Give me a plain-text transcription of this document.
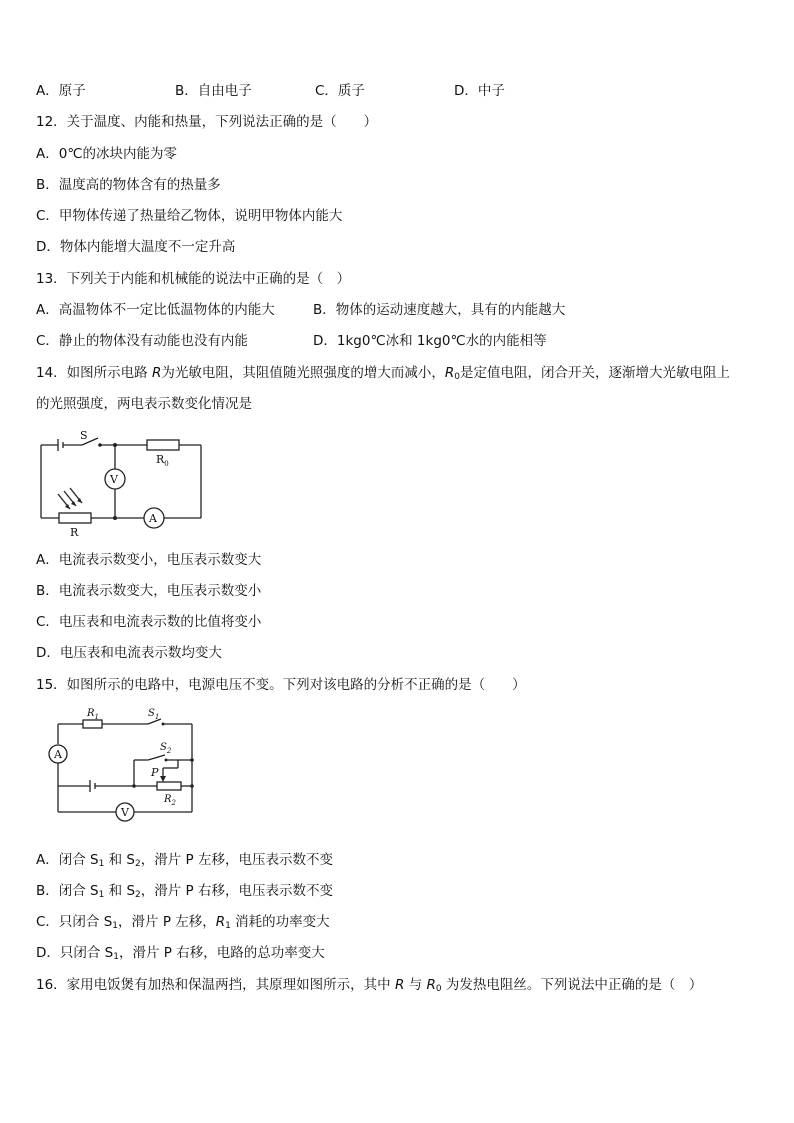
A．原子	B．自由电子	C．质子	D．中子
12．关于温度、内能和热量，下列说法正确的是（　　）
A．0℃的冰块内能为零
B．温度高的物体含有的热量多
C．甲物体传递了热量给乙物体，说明甲物体内能大
D．物体内能增大温度不一定升高
13．下列关于内能和机械能的说法中正确的是（　）
A．高温物体不一定比低温物体的内能大	B．物体的运动速度越大，具有的内能越大
C．静止的物体没有动能也没有内能	D．1kg0℃冰和 1kg0℃水的内能相等
14．如图所示电路 R为光敏电阻，其阻值随光照强度的增大而减小，$R_0$是定值电阻，闭合开关，逐渐增大光敏电阻上
的光照强度，两电表示数变化情况是
S
V
A
$R_0$
R
A．电流表示数变小，电压表示数变大
B．电流表示数变大，电压表示数变小
C．电压表和电流表示数的比值将变小
D．电压表和电流表示数均变大
15．如图所示的电路中，电源电压不变。下列对该电路的分析不正确的是（　　）
A
V
$R_1$	$S_1$
$S_2$
P
$R_2$
A．闭合 $S_1$ 和 $S_2$，滑片 P 左移，电压表示数不变
B．闭合 $S_1$ 和 $S_2$，滑片 P 右移，电压表示数不变
C．只闭合 $S_1$，滑片 P 左移，$R_1$ 消耗的功率变大
D．只闭合 $S_1$，滑片 P 右移，电路的总功率变大
16．家用电饭煲有加热和保温两挡，其原理如图所示，其中 R 与 $R_0$ 为发热电阻丝。下列说法中正确的是（　）
